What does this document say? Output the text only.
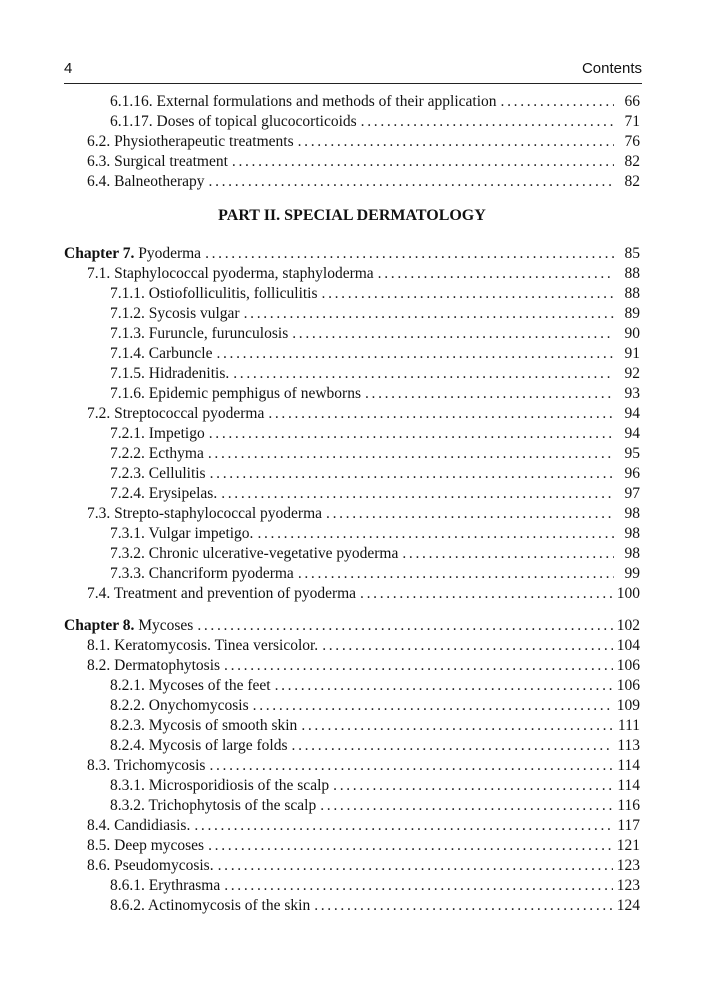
4	Contents
6.1.16. External formulations and methods of their application . . .	66
6.1.17. Doses of topical glucocorticoids . . .	71
6.2. Physiotherapeutic treatments . . .	76
6.3. Surgical treatment . . .	82
6.4. Balneotherapy . . .	82
PART II. SPECIAL DERMATOLOGY
Chapter 7. Pyoderma . . .	85
7.1. Staphylococcal pyoderma, staphyloderma . . .	88
7.1.1. Ostiofolliculitis, folliculitis . . .	88
7.1.2. Sycosis vulgar . . .	89
7.1.3. Furuncle, furunculosis . . .	90
7.1.4. Carbuncle . . .	91
7.1.5. Hidradenitis. . . .	92
7.1.6. Epidemic pemphigus of newborns . . .	93
7.2. Streptococcal pyoderma . . .	94
7.2.1. Impetigo . . .	94
7.2.2. Ecthyma . . .	95
7.2.3. Cellulitis . . .	96
7.2.4. Erysipelas. . . .	97
7.3. Strepto-staphylococcal pyoderma . . .	98
7.3.1. Vulgar impetigo. . . .	98
7.3.2. Chronic ulcerative-vegetative pyoderma . . .	98
7.3.3. Chancriform pyoderma . . .	99
7.4. Treatment and prevention of pyoderma . . .	100
Chapter 8. Mycoses . . .	102
8.1. Keratomycosis. Tinea versicolor. . . .	104
8.2. Dermatophytosis . . .	106
8.2.1. Mycoses of the feet . . .	106
8.2.2. Onychomycosis . . .	109
8.2.3. Mycosis of smooth skin . . .	111
8.2.4. Mycosis of large folds . . .	113
8.3. Trichomycosis . . .	114
8.3.1. Microsporidiosis of the scalp . . .	114
8.3.2. Trichophytosis of the scalp . . .	116
8.4. Candidiasis. . . .	117
8.5. Deep mycoses . . .	121
8.6. Pseudomycosis. . . .	123
8.6.1. Erythrasma . . .	123
8.6.2. Actinomycosis of the skin . . .	124
